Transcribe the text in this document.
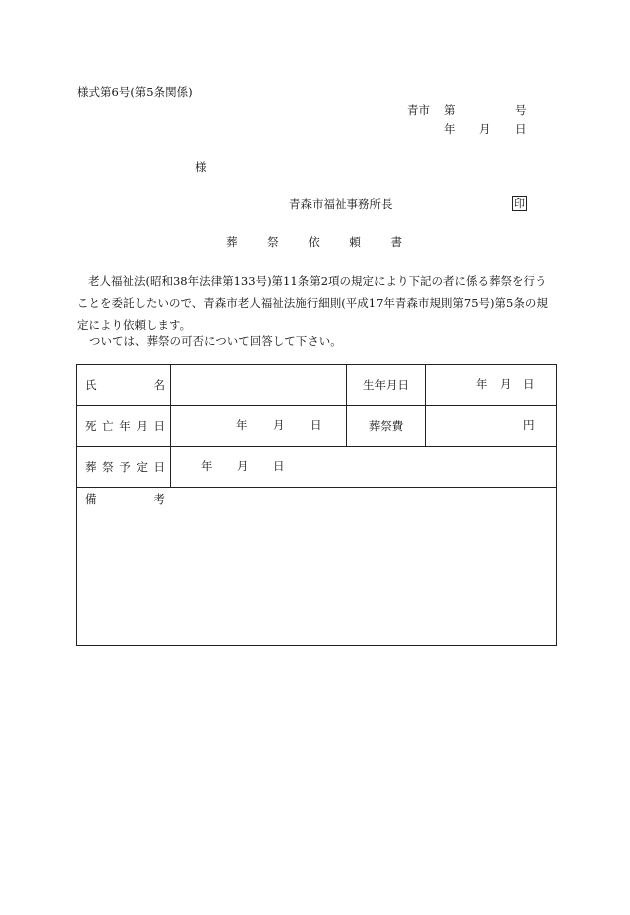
様式第6号(第5条関係)
青市 第	号
年 月 日
様
青森市福祉事務所長	印
葬	祭	依	頼	書

老人福祉法(昭和38年法律第133号)第11条第2項の規定により下記の者に係る葬祭を行うことを委託したいので、青森市老人福祉法施行細則(平成17年青森市規則第75号)第5条の規定により依頼します。

ついては、葬祭の可否について回答して下さい。

氏 名		生年月日	年 月 日

死 亡 年 月 日	年 月 日	葬祭費	円

葬 祭 予 定 日	年 月 日		

備 考			
